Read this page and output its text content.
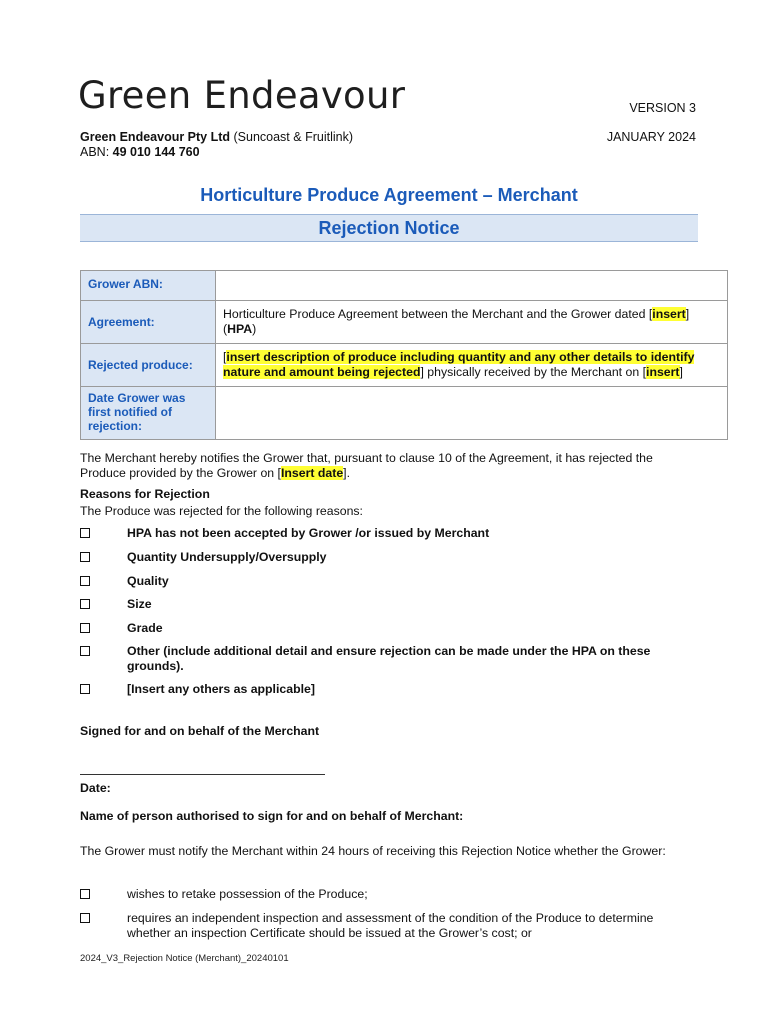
Green Endeavour	VERSION 3
JANUARY 2024
Green Endeavour Pty Ltd (Suncoast & Fruitlink)
ABN: 49 010 144 760
Horticulture Produce Agreement – Merchant
Rejection Notice
Grower ABN:	
Agreement:	Horticulture Produce Agreement between the Merchant and the Grower dated [insert] (HPA)
Rejected produce:	[insert description of produce including quantity and any other details to identify nature and amount being rejected] physically received by the Merchant on [insert]
Date Grower was first notified of rejection:	
The Merchant hereby notifies the Grower that, pursuant to clause 10 of the Agreement, it has rejected the Produce provided by the Grower on [Insert date].
Reasons for Rejection
The Produce was rejected for the following reasons:
HPA has not been accepted by Grower /or issued by Merchant
Quantity Undersupply/Oversupply
Quality
Size
Grade
Other (include additional detail and ensure rejection can be made under the HPA on these grounds).
[Insert any others as applicable]
Signed for and on behalf of the Merchant
Date:
Name of person authorised to sign for and on behalf of Merchant:
The Grower must notify the Merchant within 24 hours of receiving this Rejection Notice whether the Grower:
wishes to retake possession of the Produce;
requires an independent inspection and assessment of the condition of the Produce to determine whether an inspection Certificate should be issued at the Grower’s cost; or
2024_V3_Rejection Notice (Merchant)_20240101
